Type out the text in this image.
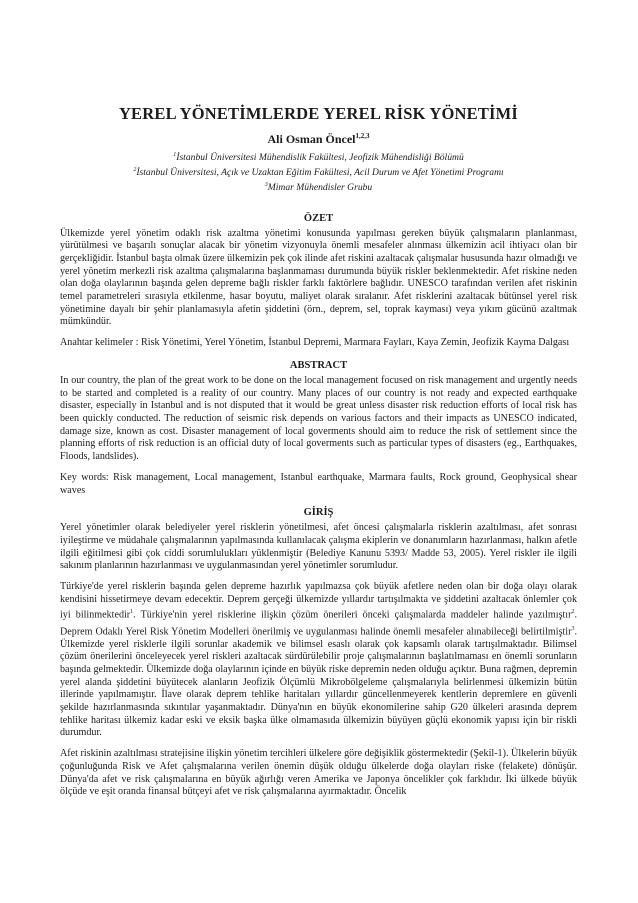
YEREL YÖNETİMLERDE YEREL RİSK YÖNETİMİ
Ali Osman Öncel$^{1,2,3}$

$^1$İstanbul Üniversitesi Mühendislik Fakültesi, Jeofizik Mühendisliği Bölümü

$^2$İstanbul Üniversitesi, Açık ve Uzaktan Eğitim Fakültesi, Acil Durum ve Afet Yönetimi Programı

$^3$Mimar Mühendisler Grubu

ÖZET

Ülkemizde yerel yönetim odaklı risk azaltma yönetimi konusunda yapılması gereken büyük çalışmaların planlanması, yürütülmesi ve başarılı sonuçlar alacak bir yönetim vizyonuyla önemli mesafeler alınması ülkemizin acil ihtiyacı olan bir gerçekliğidir. İstanbul başta olmak üzere ülkemizin pek çok ilinde afet riskini azaltacak çalışmalar hususunda hazır olmadığı ve yerel yönetim merkezli risk azaltma çalışmalarına başlanmaması durumunda büyük riskler beklenmektedir. Afet riskine neden olan doğa olaylarının başında gelen depreme bağlı riskler farklı faktörlere bağlıdır. UNESCO tarafından verilen afet riskinin temel parametreleri sırasıyla etkilenme, hasar boyutu, maliyet olarak sıralanır. Afet risklerini azaltacak bütünsel yerel risk yönetimine dayalı bir şehir planlamasıyla afetin şiddetini (örn., deprem, sel, toprak kayması) veya yıkım gücünü azaltmak mümkündür.

Anahtar kelimeler : Risk Yönetimi, Yerel Yönetim, İstanbul Depremi, Marmara Fayları, Kaya Zemin, Jeofizik Kayma Dalgası

ABSTRACT

In our country, the plan of the great work to be done on the local management focused on risk management and urgently needs to be started and completed is a reality of our country. Many places of our country is not ready and expected earthquake disaster, especially in Istanbul and is not disputed that it would be great unless disaster risk reduction efforts of local risk has been quickly conducted. The reduction of seismic risk depends on various factors and their impacts as UNESCO indicated, damage size, known as cost. Disaster management of local goverments should aim to reduce the risk of settlement since the planning efforts of risk reduction is an official duty of local goverments such as particular types of disasters (eg., Earthquakes, Floods, landslides).

Key words: Risk management, Local management, Istanbul earthquake, Marmara faults, Rock ground, Geophysical shear waves

GİRİŞ

Yerel yönetimler olarak belediyeler yerel risklerin yönetilmesi, afet öncesi çalışmalarla risklerin azaltılması, afet sonrası iyileştirme ve müdahale çalışmalarının yapılmasında kullanılacak çalışma ekiplerin ve donanımların hazırlanması, halkın afetle ilgili eğitilmesi gibi çok ciddi sorumlulukları yüklenmiştir (Belediye Kanunu 5393/ Madde 53, 2005). Yerel riskler ile ilgili sakınım planlarının hazırlanması ve uygulanmasından yerel yönetimler sorumludur.

Türkiye'de yerel risklerin başında gelen depreme hazırlık yapılmazsa çok büyük afetlere neden olan bir doğa olayı olarak kendisini hissetirmeye devam edecektir. Deprem gerçeği ülkemizde yıllardır tartışılmakta ve şiddetini azaltacak önlemler çok iyi bilinmektedir$^1$. Türkiye'nin yerel risklerine ilişkin çözüm önerileri önceki çalışmalarda maddeler halinde yazılmıştır$^2$. Deprem Odaklı Yerel Risk Yönetim Modelleri önerilmiş ve uygulanması halinde önemli mesafeler alınabileceği belirtilmiştir$^3$. Ülkemizde yerel risklerle ilgili sorunlar akademik ve bilimsel esaslı olarak çok kapsamlı olarak tartışılmaktadır. Bilimsel çözüm önerilerini önceleyecek yerel riskleri azaltacak sürdürülebilir proje çalışmalarının başlatılmaması en önemli sorunların başında gelmektedir. Ülkemizde doğa olaylarının içinde en büyük riske depremin neden olduğu açıktır. Buna rağmen, depremin yerel alanda şiddetini büyütecek alanların Jeofizik Ölçümlü Mikrobölgeleme çalışmalarıyla belirlenmesi ülkemizin bütün illerinde yapılmamıştır. İlave olarak deprem tehlike haritaları yıllardır güncellenmeyerek kentlerin depremlere en güvenli şekilde hazırlanmasında sıkıntılar yaşanmaktadır. Dünya'nın en büyük ekonomilerine sahip G20 ülkeleri arasında deprem tehlike haritası ülkemiz kadar eski ve eksik başka ülke olmamasıda ülkemizin büyüyen güçlü ekonomik yapısı için bir riskli durumdur.

Afet riskinin azaltılması stratejisine ilişkin yönetim tercihleri ülkelere göre değişiklik göstermektedir (Şekil-1). Ülkelerin büyük çoğunluğunda Risk ve Afet çalışmalarına verilen önemin düşük olduğu ülkelerde doğa olayları riske (felakete) dönüşür. Dünya'da afet ve risk çalışmalarına en büyük ağırlığı veren Amerika ve Japonya öncelikler çok farklıdır. İki ülkede büyük ölçüde ve eşit oranda finansal bütçeyi afet ve risk çalışmalarına ayırmaktadır. Öncelik
